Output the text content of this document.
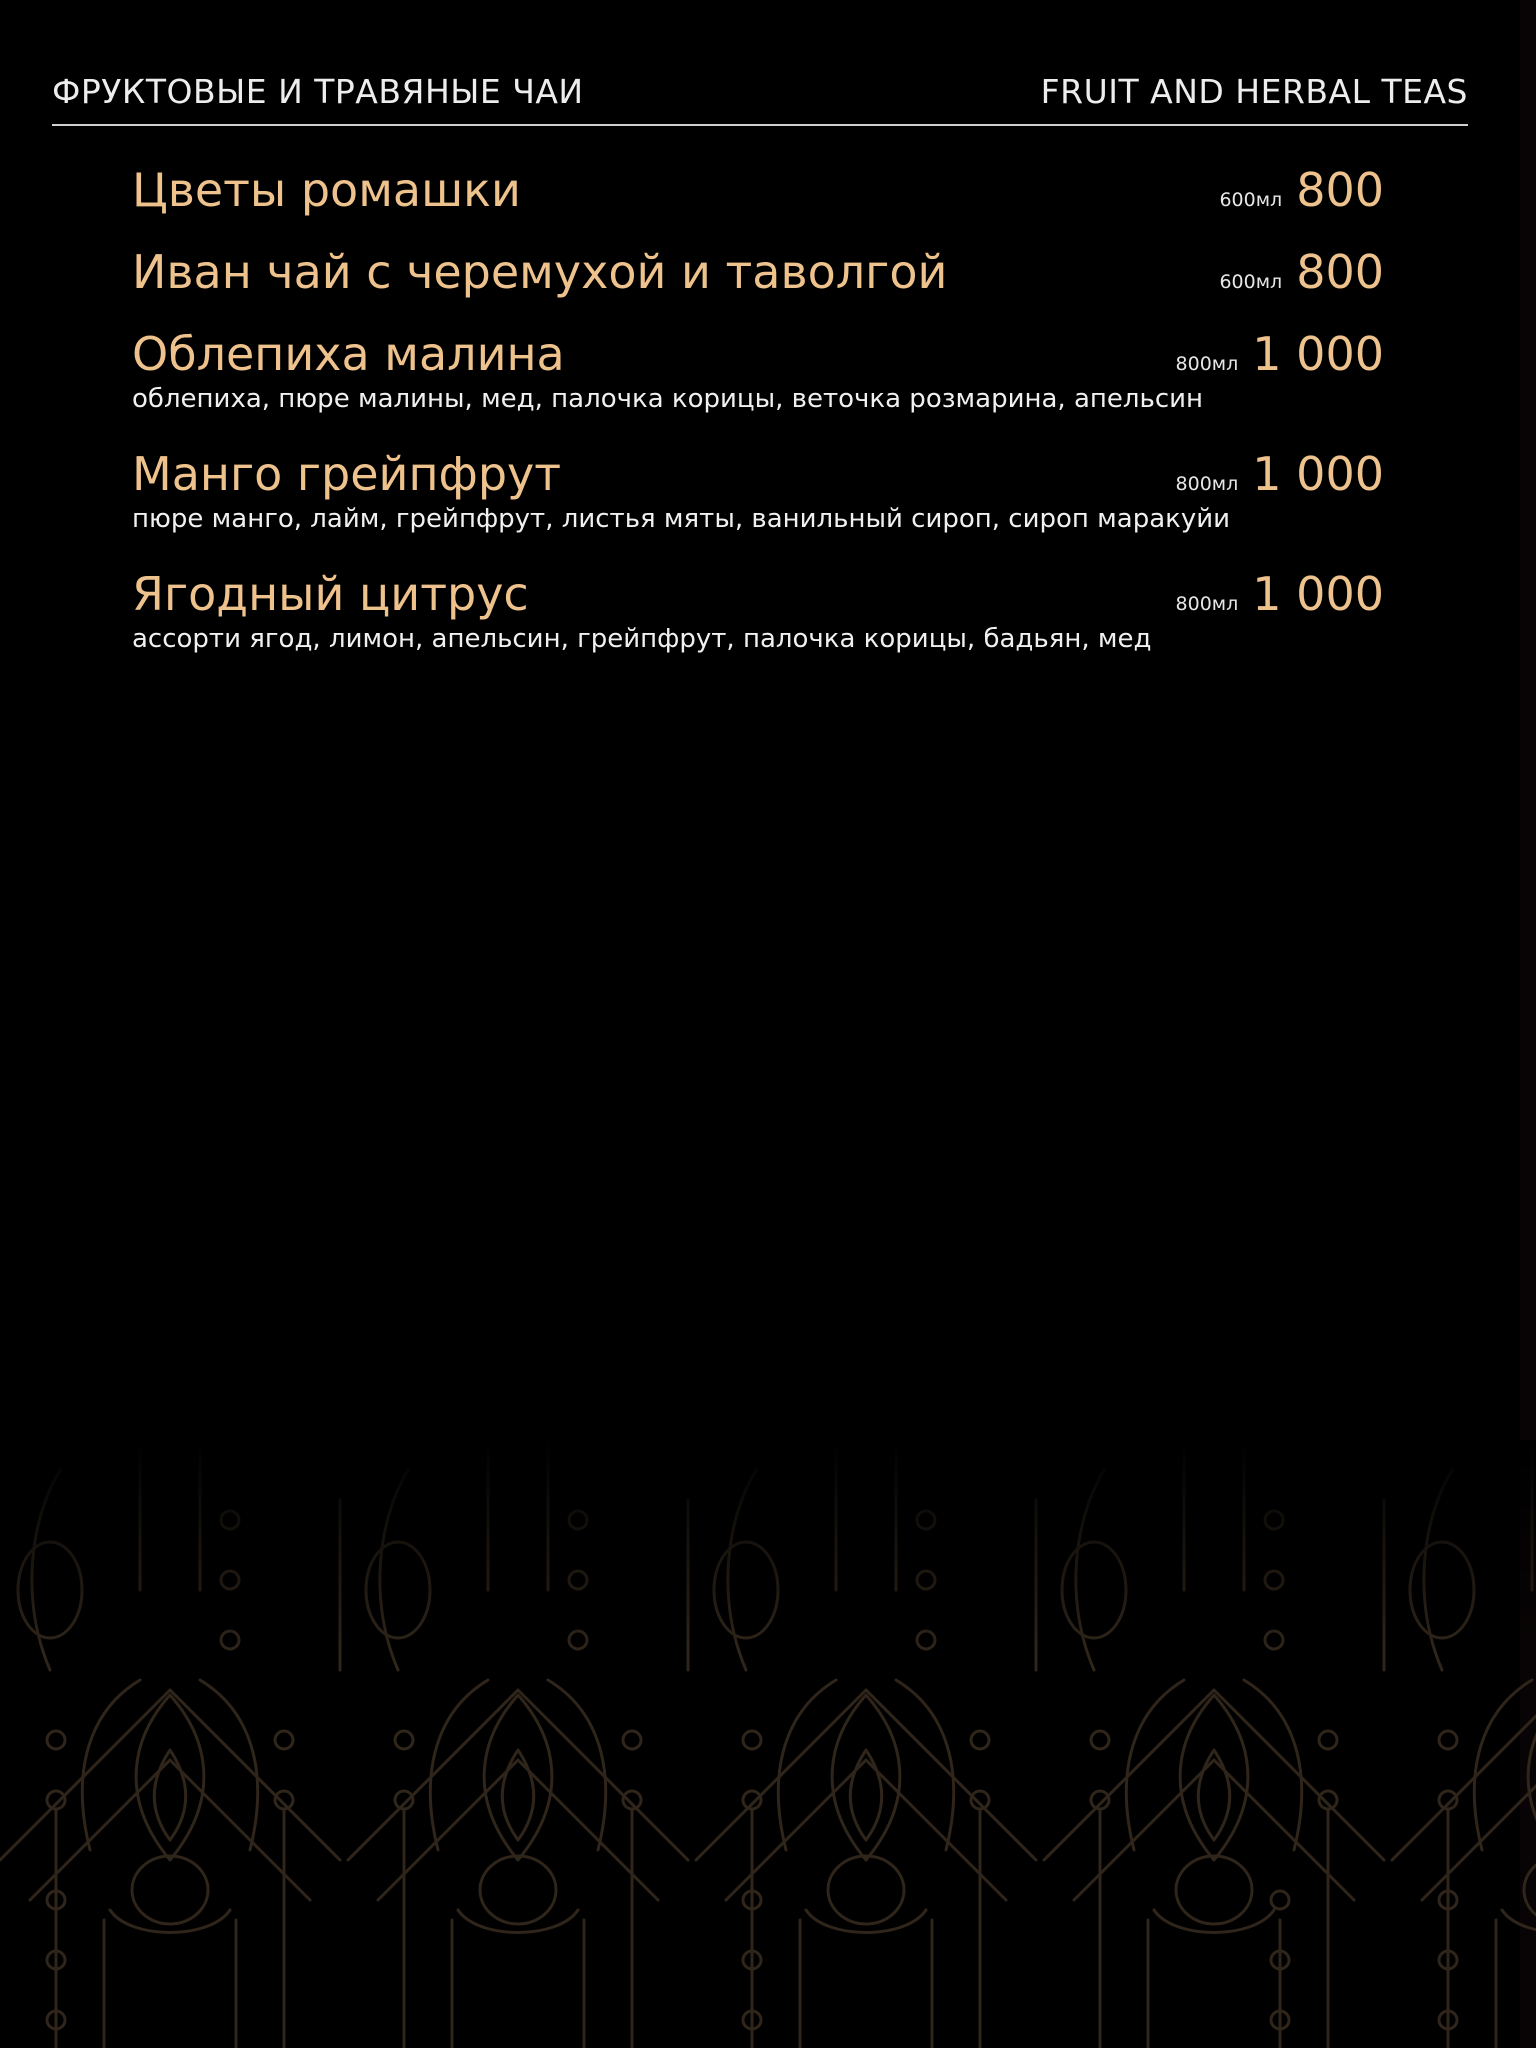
ФРУКТОВЫЕ И ТРАВЯНЫЕ ЧАИ	FRUIT AND HERBAL TEAS
Цветы ромашки	600мл 800
Иван чай с черемухой и таволгой	600мл 800
Облепиха малина	800мл 1 000
облепиха, пюре малины, мед, палочка корицы, веточка розмарина, апельсин
Манго грейпфрут	800мл 1 000
пюре манго, лайм, грейпфрут, листья мяты, ванильный сироп, сироп маракуйи
Ягодный цитрус	800мл 1 000
ассорти ягод, лимон, апельсин, грейпфрут, палочка корицы, бадьян, мед
